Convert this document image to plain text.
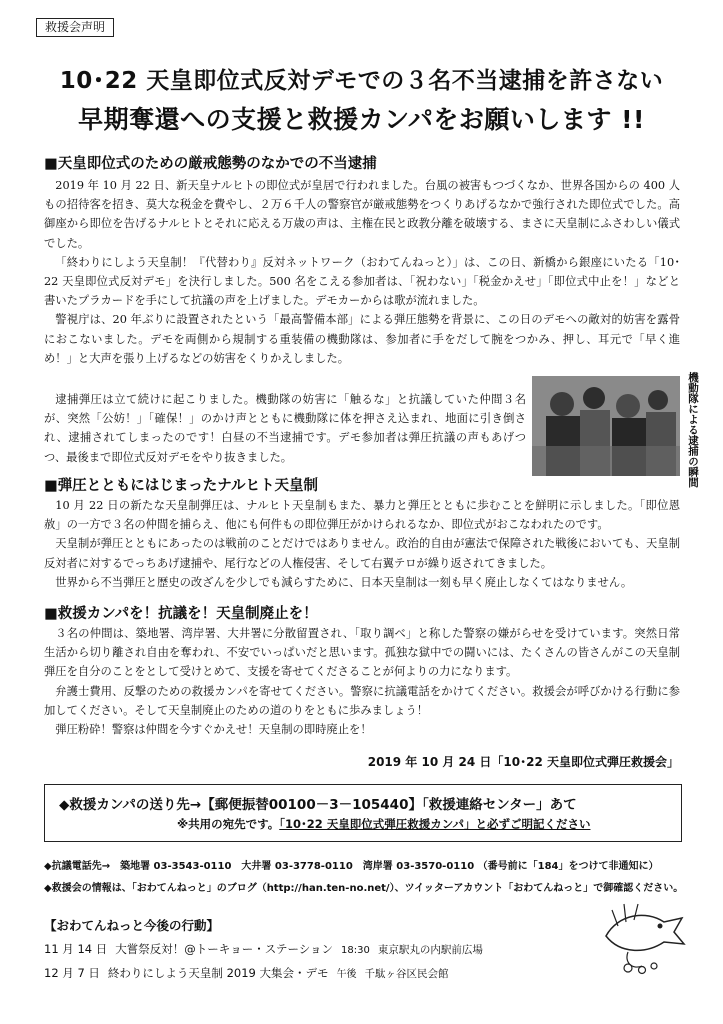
救援会声明
10･22 天皇即位式反対デモでの３名不当逮捕を許さない
早期奪還への支援と救援カンパをお願いします !!
■天皇即位式のための厳戒態勢のなかでの不当逮捕

2019 年 10 月 22 日、新天皇ナルヒトの即位式が皇居で行われました。台風の被害もつづくなか、世界各国からの 400 人もの招待客を招き、莫大な税金を費やし、２万６千人の警察官が厳戒態勢をつくりあげるなかで強行された即位式でした。高御座から即位を告げるナルヒトとそれに応える万歳の声は、主権在民と政教分離を破壊する、まさに天皇制にふさわしい儀式でした。

「終わりにしよう天皇制！『代替わり』反対ネットワーク（おわてんねっと）」は、この日、新橋から銀座にいたる「10･22 天皇即位式反対デモ」を決行しました。500 名をこえる参加者は、「祝わない」「税金かえせ」「即位式中止を！」などと書いたプラカードを手にして抗議の声を上げました。デモカーからは歌が流れました。

警視庁は、20 年ぶりに設置されたという「最高警備本部」による弾圧態勢を背景に、この日のデモへの敵対的妨害を露骨におこないました。デモを両側から規制する重装備の機動隊は、参加者に手をだして腕をつかみ、押し、耳元で「早く進め！」と大声を張り上げるなどの妨害をくりかえしました。

逮捕弾圧は立て続けに起こりました。機動隊の妨害に「触るな」と抗議していた仲間３名が、突然「公妨！」「確保！」のかけ声とともに機動隊に体を押さえ込まれ、地面に引き倒され、逮捕されてしまったのです！白昼の不当逮捕です。デモ参加者は弾圧抗議の声もあげつつ、最後まで即位式反対デモをやり抜きました。	機動隊による逮捕の瞬間
■弾圧とともにはじまったナルヒト天皇制

10 月 22 日の新たな天皇制弾圧は、ナルヒト天皇制もまた、暴力と弾圧とともに歩むことを鮮明に示しました。「即位恩赦」の一方で３名の仲間を捕らえ、他にも何件もの即位弾圧がかけられるなか、即位式がおこなわれたのです。

天皇制が弾圧とともにあったのは戦前のことだけではありません。政治的自由が憲法で保障された戦後においても、天皇制反対者に対するでっちあげ逮捕や、尾行などの人権侵害、そして右翼テロが繰り返されてきました。

世界から不当弾圧と歴史の改ざんを少しでも減らすために、日本天皇制は一刻も早く廃止しなくてはなりません。

■救援カンパを！抗議を！天皇制廃止を！

３名の仲間は、築地署、湾岸署、大井署に分散留置され、「取り調べ」と称した警察の嫌がらせを受けています。突然日常生活から切り離され自由を奪われ、不安でいっぱいだと思います。孤独な獄中での闘いには、たくさんの皆さんがこの天皇制弾圧を自分のことをとして受けとめて、支援を寄せてくださることが何よりの力になります。

弁護士費用、反撃のための救援カンパを寄せてください。警察に抗議電話をかけてください。救援会が呼びかける行動に参加してください。そして天皇制廃止のための道のりをともに歩みましょう！

弾圧粉砕！警察は仲間を今すぐかえせ！天皇制の即時廃止を！

2019 年 10 月 24 日「10･22 天皇即位式弾圧救援会」
◆救援カンパの送り先→【郵便振替00100－3－105440】「救援連絡センター」あて
※共用の宛先です。「10･22 天皇即位式弾圧救援カンパ」と必ずご明記ください
◆抗議電話先→　築地署 03-3543-0110　大井署 03-3778-0110　湾岸署 03-3570-0110 （番号前に「184」をつけて非通知に）
◆救援会の情報は、「おわてんねっと」のブログ（http://han.ten-no.net/）、ツイッターアカウント「おわてんねっと」で御確認ください。
【おわてんねっと今後の行動】
11 月 14 日 大嘗祭反対！@トーキョー・ステーション 18:30 東京駅丸の内駅前広場
12 月 7 日 終わりにしよう天皇制 2019 大集会・デモ 午後 千駄ヶ谷区民会館
